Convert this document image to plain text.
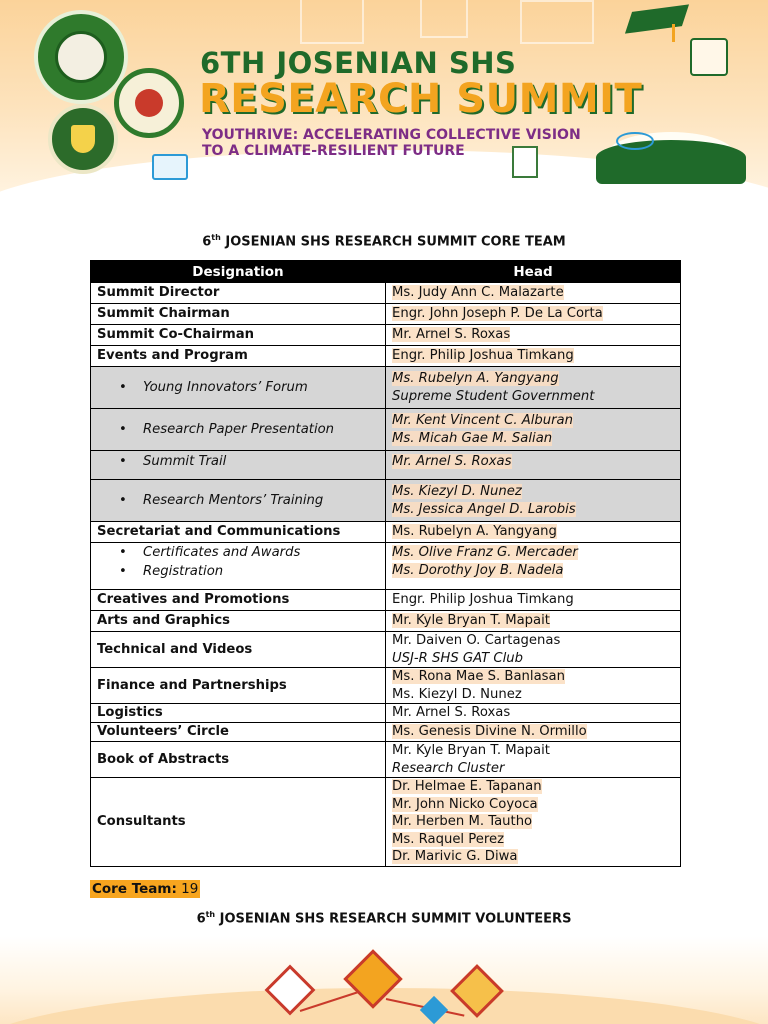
6TH JOSENIAN SHS
RESEARCH SUMMIT
YOUTHRIVE: ACCELERATING COLLECTIVE VISION
TO A CLIMATE-RESILIENT FUTURE
6th JOSENIAN SHS RESEARCH SUMMIT CORE TEAM
Designation	Head
Summit Director	Ms. Judy Ann C. Malazarte
Summit Chairman	Engr. John Joseph P. De La Corta
Summit Co-Chairman	Mr. Arnel S. Roxas
Events and Program	Engr. Philip Joshua Timkang

• Young Innovators’ Forum	Ms. Rubelyn A. Yangyang
Supreme Student Government

• Research Paper Presentation	Mr. Kent Vincent C. Alburan
Ms. Micah Gae M. Salian

• Summit Trail	Mr. Arnel S. Roxas

• Research Mentors’ Training	Ms. Kiezyl D. Nunez
Ms. Jessica Angel D. Larobis

Secretariat and Communications	Ms. Rubelyn A. Yangyang

• Certificates and Awards
• Registration	Ms. Olive Franz G. Mercader
Ms. Dorothy Joy B. Nadela

Creatives and Promotions	Engr. Philip Joshua Timkang
Arts and Graphics	Mr. Kyle Bryan T. Mapait
Technical and Videos	Mr. Daiven O. Cartagenas
USJ-R SHS GAT Club

Finance and Partnerships	Ms. Rona Mae S. Banlasan
Ms. Kiezyl D. Nunez

Logistics	Mr. Arnel S. Roxas
Volunteers’ Circle	Ms. Genesis Divine N. Ormillo
Book of Abstracts	Mr. Kyle Bryan T. Mapait
Research Cluster

Consultants	Dr. Helmae E. Tapanan
Mr. John Nicko Coyoca
Mr. Herben M. Tautho
Ms. Raquel Perez
Dr. Marivic G. Diwa
Core Team: 19
6th JOSENIAN SHS RESEARCH SUMMIT VOLUNTEERS
